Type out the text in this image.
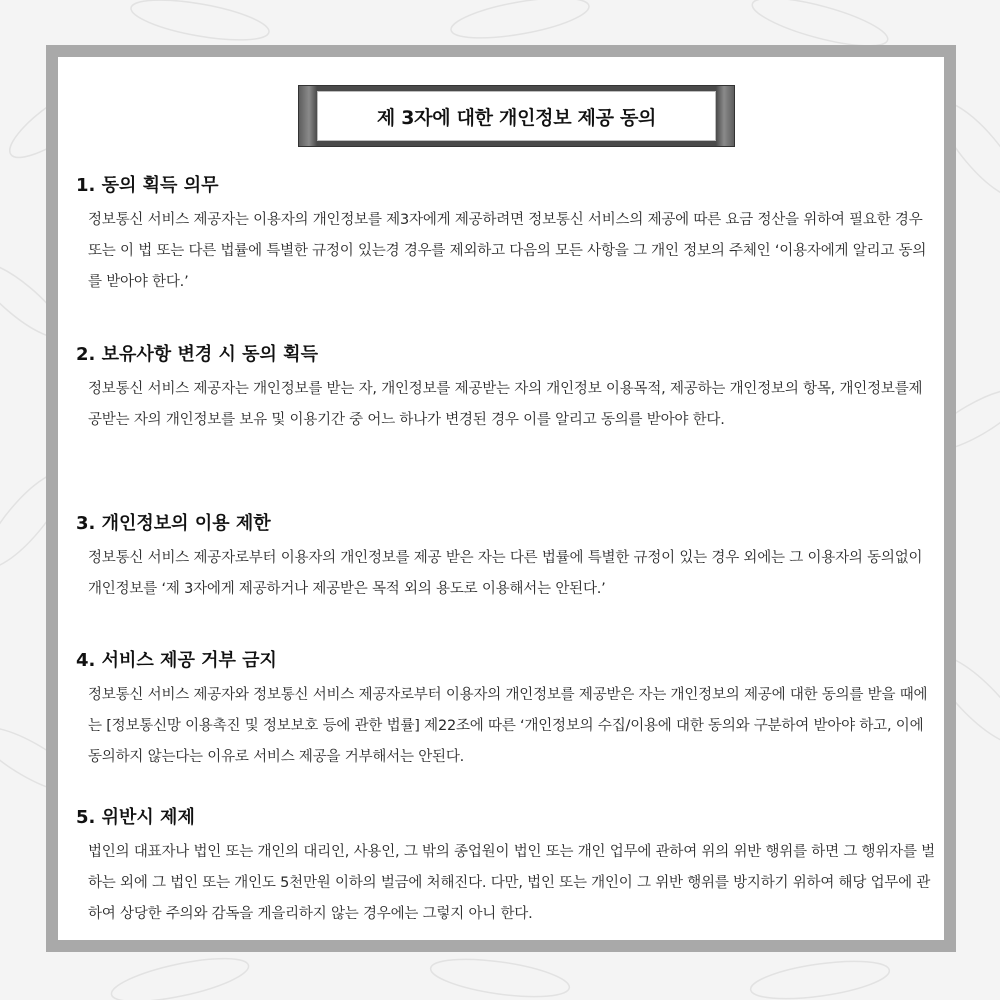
제 3자에 대한 개인정보 제공 동의
1. 동의 획득 의무

정보통신 서비스 제공자는 이용자의 개인정보를 제3자에게 제공하려면 정보통신 서비스의 제공에 따른 요금 정산을 위하여 필요한 경우 또는 이 법 또는 다른 법률에 특별한 규정이 있는경 경우를 제외하고 다음의 모든 사항을 그 개인 정보의 주체인 ‘이용자에게 알리고 동의를 받아야 한다.’

2. 보유사항 변경 시 동의 획득

정보통신 서비스 제공자는 개인정보를 받는 자, 개인정보를 제공받는 자의 개인정보 이용목적, 제공하는 개인정보의 항목, 개인정보를제공받는 자의 개인정보를 보유 및 이용기간 중 어느 하나가 변경된 경우 이를 알리고 동의를 받아야 한다.

3. 개인정보의 이용 제한

정보통신 서비스 제공자로부터 이용자의 개인정보를 제공 받은 자는 다른 법률에 특별한 규정이 있는 경우 외에는 그 이용자의 동의없이 개인정보를 ‘제 3자에게 제공하거나 제공받은 목적 외의 용도로 이용해서는 안된다.’

4. 서비스 제공 거부 금지

정보통신 서비스 제공자와 정보통신 서비스 제공자로부터 이용자의 개인정보를 제공받은 자는 개인정보의 제공에 대한 동의를 받을 때에는 [정보통신망 이용촉진 및 정보보호 등에 관한 법률] 제22조에 따른 ‘개인정보의 수집/이용에 대한 동의와 구분하여 받아야 하고, 이에 동의하지 않는다는 이유로 서비스 제공을 거부해서는 안된다.

5. 위반시 제제

법인의 대표자나 법인 또는 개인의 대리인, 사용인, 그 밖의 종업원이 법인 또는 개인 업무에 관하여 위의 위반 행위를 하면 그 행위자를 벌하는 외에 그 법인 또는 개인도 5천만원 이하의 벌금에 처해진다. 다만, 법인 또는 개인이 그 위반 행위를 방지하기 위하여 해당 업무에 관하여 상당한 주의와 감독을 게을리하지 않는 경우에는 그렇지 아니 한다.
